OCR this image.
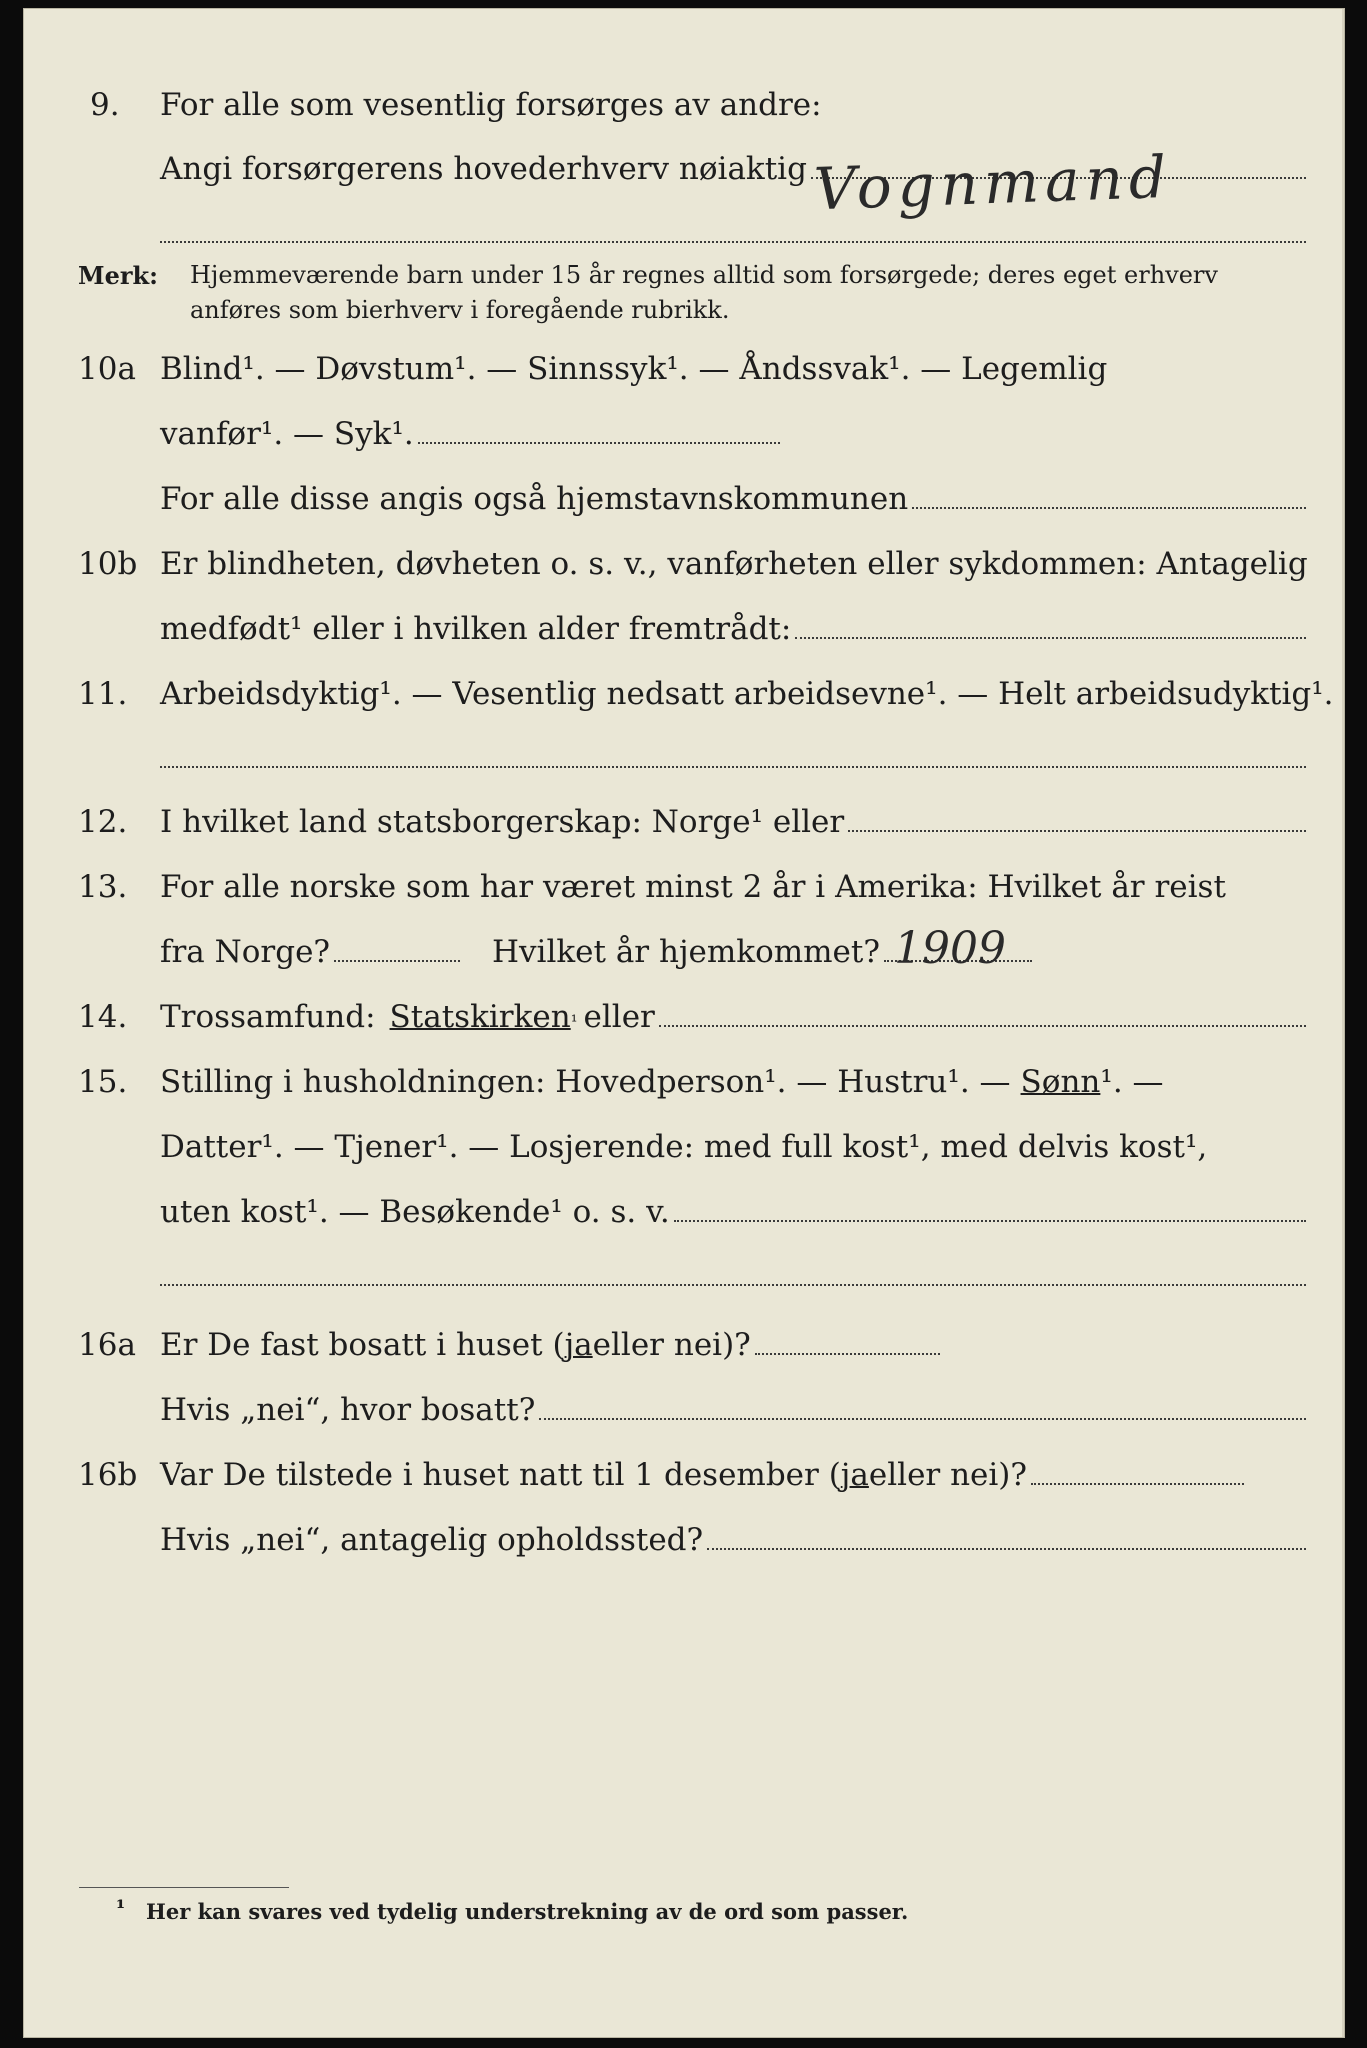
9. For alle som vesentlig forsørges av andre:
Angi forsørgerens hovederhverv nøiaktig Vognmand
Merk: Hjemmeværende barn under 15 år regnes alltid som forsørgede; deres eget erhverv
anføres som bierhverv i foregående rubrikk.
10a Blind¹. — Døvstum¹. — Sinnssyk¹. — Åndssvak¹. — Legemlig
vanfør¹. — Syk¹.
For alle disse angis også hjemstavnskommunen
10b Er blindheten, døvheten o. s. v., vanførheten eller sykdommen: Antagelig
medfødt¹ eller i hvilken alder fremtrådt:
11. Arbeidsdyktig¹. — Vesentlig nedsatt arbeidsevne¹. — Helt arbeidsudyktig¹.
12. I hvilket land statsborgerskap: Norge¹ eller
13. For alle norske som har været minst 2 år i Amerika: Hvilket år reist
fra Norge?	Hvilket år hjemkommet? 1909
14. Trossamfund: Statskirken ¹ eller
15. Stilling i husholdningen: Hovedperson¹. — Hustru¹. — Sønn ¹. —
Datter¹. — Tjener¹. — Losjerende: med full kost¹, med delvis kost¹,
uten kost¹. — Besøkende¹ o. s. v.
16a Er De fast bosatt i huset ( ja eller nei)?
Hvis „nei“, hvor bosatt?
16b Var De tilstede i huset natt til 1 desember ( ja eller nei)?
Hvis „nei“, antagelig opholdssted?
¹ Her kan svares ved tydelig understrekning av de ord som passer.
